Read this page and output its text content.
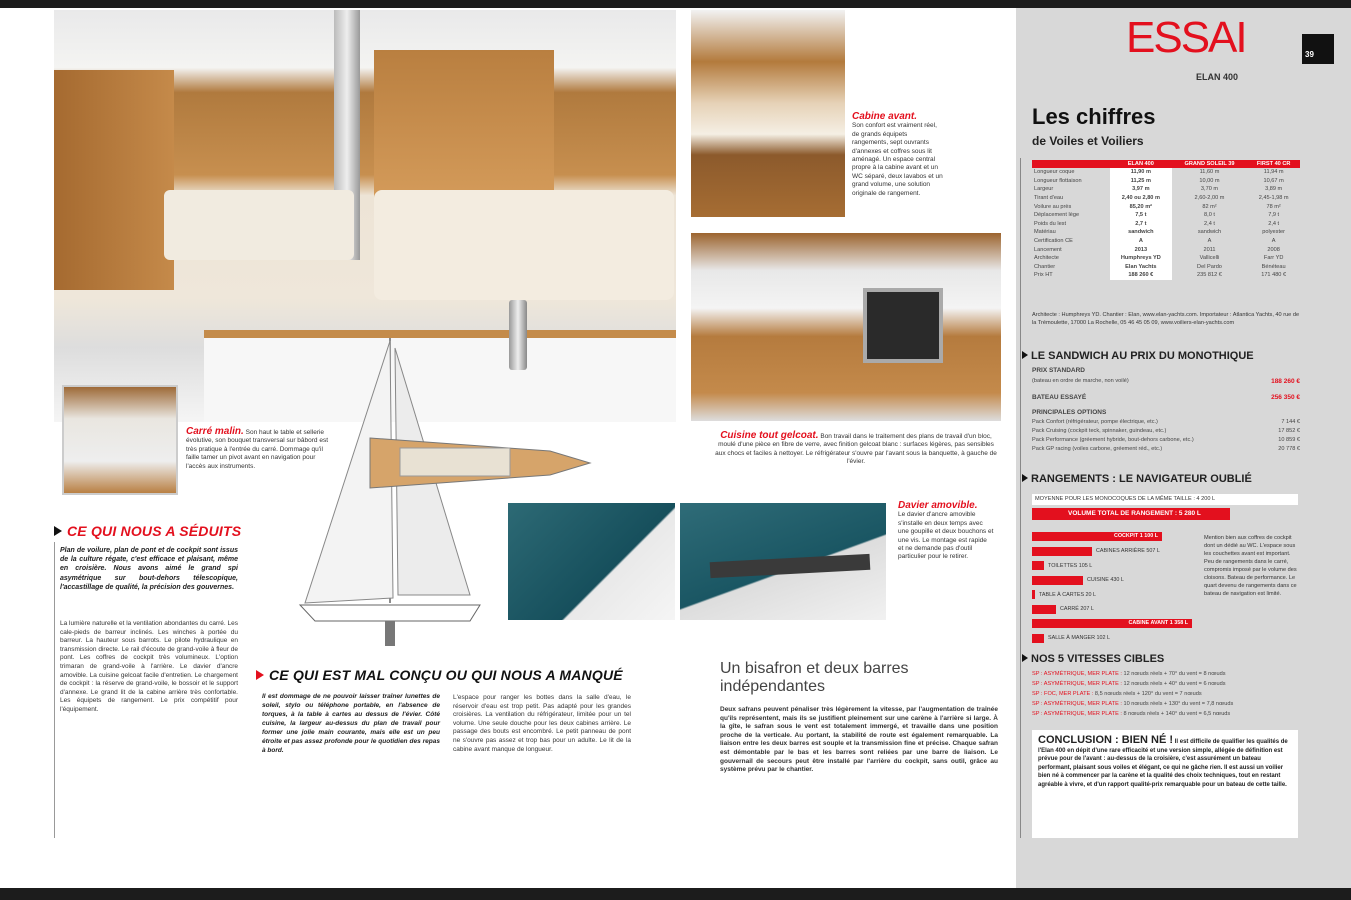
Carré malin. Son haut le table et sellerie évolutive, son bouquet transversal sur bâbord est très pratique à l'entrée du carré. Dommage qu'il faille tamer un pivot avant en navigation pour l'accès aux instruments.
Cabine avant.
Son confort est vraiment réel, de grands équipets rangements, sept ouvrants d'annexes et coffres sous lit aménagé. Un espace central propre à la cabine avant et un WC séparé, deux lavabos et un grand volume, une solution originale de rangement.
Cuisine tout gelcoat. Bon travail dans le traitement des plans de travail d'un bloc, moulé d'une pièce en fibre de verre, avec finition gelcoat blanc : surfaces légères, pas sensibles aux chocs et faciles à nettoyer. Le réfrigérateur s'ouvre par l'avant sous la banquette, à gauche de l'évier.
Davier amovible.
Le davier d'ancre amovible s'installe en deux temps avec une goupille et deux bouchons et une vis. Le montage est rapide et ne demande pas d'outil particulier pour le retirer.
CE QUI NOUS A SÉDUITS
Plan de voilure, plan de pont et de cockpit sont issus de la culture régate, c'est efficace et plaisant, même en croisière. Nous avons aimé le grand spi asymétrique sur bout-dehors télescopique, l'accastillage de qualité, la précision des gouvernes.
La lumière naturelle et la ventilation abondantes du carré. Les cale-pieds de barreur inclinés. Les winches à portée du barreur. La hauteur sous barrots. Le pilote hydraulique en transmission directe. Le rail d'écoute de grand-voile à fleur de pont. Les coffres de cockpit très volumineux. L'option trimaran de grand-voile à l'arrière. Le davier d'ancre amovible. La cuisine gelcoat facile d'entretien. Le chargement de cockpit : la réserve de grand-voile, le bossoir et le support d'annexe. Le grand lit de la cabine arrière très confortable. Les équipets de rangement. Le prix compétitif pour l'équipement.
CE QUI EST MAL CONÇU OU QUI NOUS A MANQUÉ
Il est dommage de ne pouvoir laisser traîner lunettes de soleil, stylo ou téléphone portable, en l'absence de torques, à la table à cartes au dessus de l'évier. Côté cuisine, la largeur au-dessus du plan de travail pour former une jolie main courante, mais elle est un peu étroite et pas assez profonde pour le quotidien des repas à bord.
L'espace pour ranger les bottes dans la salle d'eau, le réservoir d'eau est trop petit. Pas adapté pour les grandes croisières. La ventilation du réfrigérateur, limitée pour un tel volume. Une seule douche pour les deux cabines arrière. Le passage des bouts est encombré. Le petit panneau de pont ne s'ouvre pas assez et trop bas pour un adulte. Le lit de la cabine avant manque de longueur.
Un bisafron et deux barres indépendantes
Deux safrans peuvent pénaliser très légèrement la vitesse, par l'augmentation de traînée qu'ils représentent, mais ils se justifient pleinement sur une carène à l'arrière si large. À la gîte, le safran sous le vent est totalement immergé, et travaille dans une position proche de la verticale. Au portant, la stabilité de route est également remarquable. La liaison entre les deux barres est souple et la transmission fine et précise. Chaque safran est démontable par le bas et les barres sont reliées par une barre de liaison. Le gouvernail de secours peut être installé par l'arrière du cockpit, sans outil, grâce au système prévu par le chantier.
ESSAI	39
ELAN 400
Les chiffres
de Voiles et Voiliers
	ELAN 400	GRAND SOLEIL 39	FIRST 40 CR
Longueur coque	11,90 m	11,60 m	11,94 m
Longueur flottaison	11,25 m	10,00 m	10,67 m
Largeur	3,97 m	3,70 m	3,89 m
Tirant d'eau	2,40 ou 2,80 m	2,60-2,00 m	2,45-1,98 m
Voilure au près	85,20 m²	82 m²	78 m²
Déplacement lège	7,5 t	8,0 t	7,9 t
Poids du lest	2,7 t	2,4 t	2,4 t
Matériau	sandwich	sandwich	polyester
Certification CE	A	A	A
Lancement	2013	2011	2008
Architecte	Humphreys YD	Vallicelli	Farr YD
Chantier	Elan Yachts	Del Pardo	Bénéteau
Prix HT	188 260 €	235 812 €	171 480 €
Architecte : Humphreys YD. Chantier : Elan, www.elan-yachts.com. Importateur : Atlantica Yachts, 40 rue de la Trémoulette, 17000 La Rochelle, 05 46 45 05 09, www.voiliers-elan-yachts.com
LE SANDWICH AU PRIX DU MONOTHIQUE
PRIX STANDARD
(bateau en ordre de marche, non voilé)	188 260 €
BATEAU ESSAYÉ	256 350 €
PRINCIPALES OPTIONS
Pack Confort (réfrigérateur, pompe électrique, etc.)	7 144 €
Pack Cruising (cockpit teck, spinnaker, guindeau, etc.)	17 852 €
Pack Performance (gréement hybride, bout-dehors carbone, etc.)	10 859 €
Pack GP racing (voiles carbone, gréement réd., etc.)	20 778 €
RANGEMENTS : LE NAVIGATEUR OUBLIÉ
MOYENNE POUR LES MONOCOQUES DE LA MÊME TAILLE : 4 200 L
VOLUME TOTAL DE RANGEMENT : 5 280 L
COCKPIT 1 100 L
CABINES ARRIÈRE 507 L
TOILETTES 105 L
CUISINE 430 L
TABLE À CARTES 20 L
CARRÉ 207 L
CABINE AVANT 1 358 L
SALLE À MANGER 102 L
Mention bien aux coffres de cockpit dont un dédié au WC. L'espace sous les couchettes avant est important. Peu de rangements dans le carré, compromis imposé par le volume des cloisons. Bateau de performance. Le quart devenu de rangements dans ce bateau de navigation est limité.
NOS 5 VITESSES CIBLES
SP : ASYMÉTRIQUE, MER PLATE :
12 nœuds réels + 70° du vent = 8 nœuds
SP : ASYMÉTRIQUE, MER PLATE :
12 nœuds réels + 40° du vent = 6 nœuds
SP : FOC, MER PLATE :
8,5 nœuds réels + 120° du vent = 7 nœuds
SP : ASYMÉTRIQUE, MER PLATE :
10 nœuds réels + 130° du vent = 7,8 nœuds
SP : ASYMÉTRIQUE, MER PLATE :
8 nœuds réels + 140° du vent = 6,5 nœuds
CONCLUSION : BIEN NÉ ! Il est difficile de qualifier les qualités de l'Elan 400 en dépit d'une rare efficacité et une version simple, allégée de définition est prévue pour de l'avant : au-dessus de la croisière, c'est assurément un bateau performant, plaisant sous voiles et élégant, ce qui ne gâche rien. Il est aussi un voilier bien né à commencer par la carène et la qualité des choix techniques, tout en restant agréable à vivre, et d'un rapport qualité-prix remarquable pour un bateau de cette taille.
